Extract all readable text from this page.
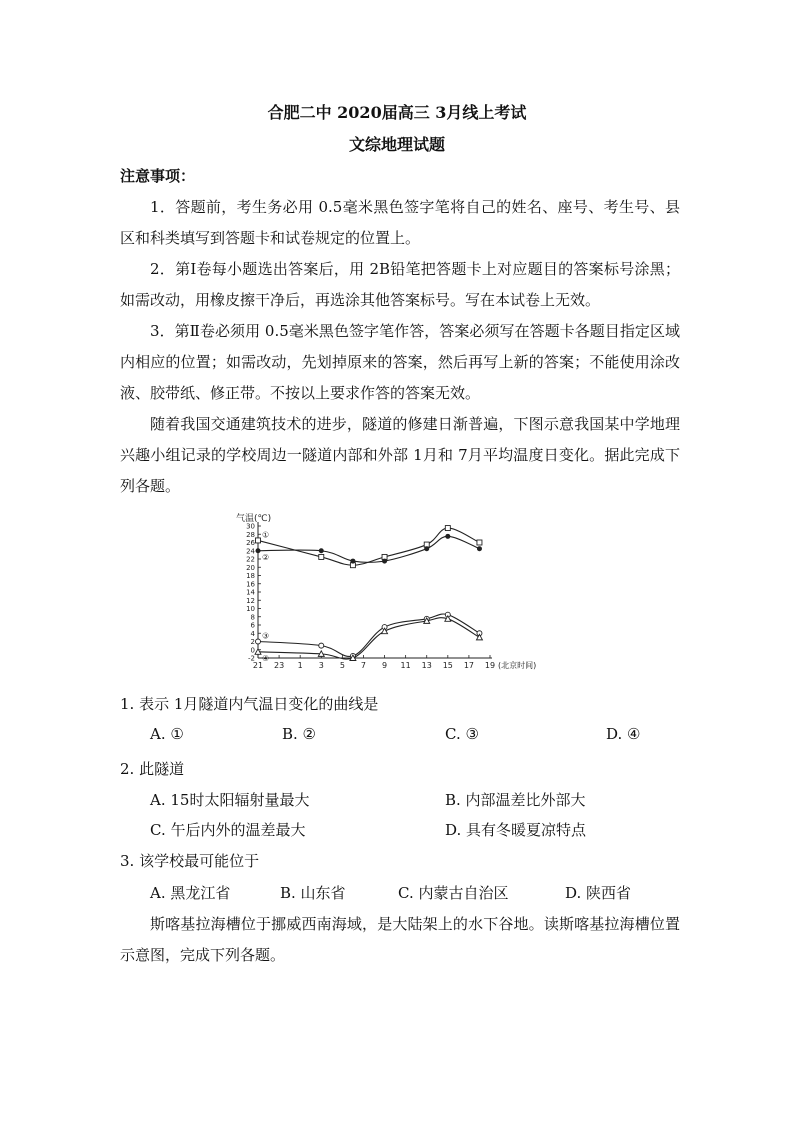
合肥二中 2020届高三 3月线上考试
文综地理试题
注意事项：
1．答题前，考生务必用 0.5毫米黑色签字笔将自己的姓名、座号、考生号、县区和科类填写到答题卡和试卷规定的位置上。
2．第Ⅰ卷每小题选出答案后，用 2B铅笔把答题卡上对应题目的答案标号涂黑；如需改动，用橡皮擦干净后，再选涂其他答案标号。写在本试卷上无效。
3．第Ⅱ卷必须用 0.5毫米黑色签字笔作答，答案必须写在答题卡各题目指定区域内相应的位置；如需改动，先划掉原来的答案，然后再写上新的答案；不能使用涂改液、胶带纸、修正带。不按以上要求作答的答案无效。
随着我国交通建筑技术的进步，隧道的修建日渐普遍，下图示意我国某中学地理兴趣小组记录的学校周边一隧道内部和外部 1月和 7月平均温度日变化。据此完成下列各题。
气温(℃)
30
28
26
24
22
20
18
16
14
12
10
8
6
4
2
0
-2
21 23 1 3 5 7 9 11 13 15 17 19 (北京时间)
①
②
③
④
1. 表示 1月隧道内气温日变化的曲线是
A. ①	B. ②	C. ③	D. ④
2. 此隧道
A. 15时太阳辐射量最大	B. 内部温差比外部大
C. 午后内外的温差最大	D. 具有冬暖夏凉特点
3. 该学校最可能位于
A. 黑龙江省	B. 山东省	C. 内蒙古自治区	D. 陕西省
斯喀基拉海槽位于挪威西南海域，是大陆架上的水下谷地。读斯喀基拉海槽位置示意图，完成下列各题。
